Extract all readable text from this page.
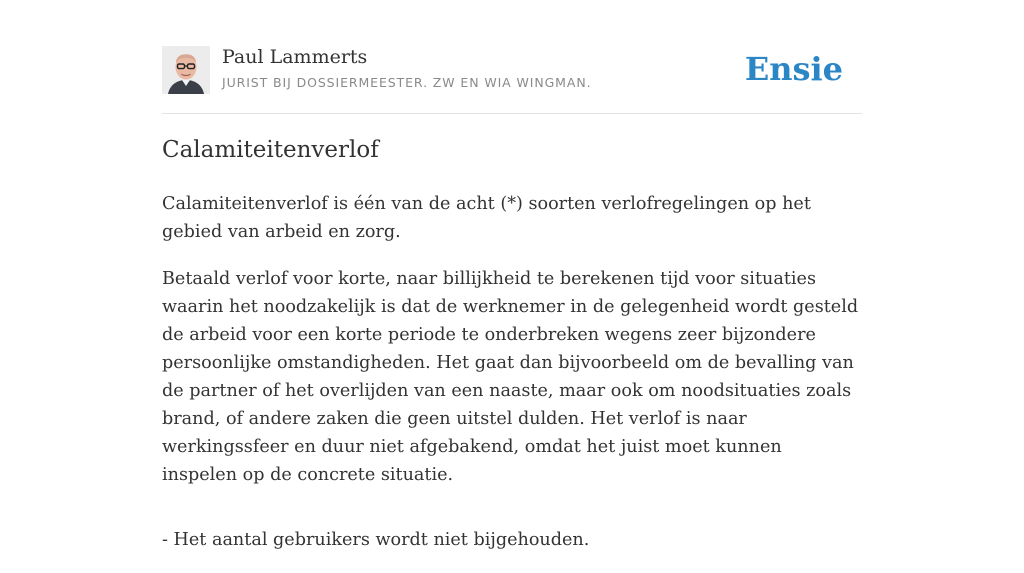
Paul Lammerts
JURIST BIJ DOSSIERMEESTER. ZW EN WIA WINGMAN.	Ensie
Calamiteitenverlof

Calamiteitenverlof is één van de acht (*) soorten verlofregelingen op het gebied van arbeid en zorg.

Betaald verlof voor korte, naar billijkheid te berekenen tijd voor situaties waarin het noodzakelijk is dat de werknemer in de gelegenheid wordt gesteld de arbeid voor een korte periode te onderbreken wegens zeer bijzondere persoonlijke omstandigheden. Het gaat dan bijvoorbeeld om de bevalling van de partner of het overlijden van een naaste, maar ook om noodsituaties zoals brand, of andere zaken die geen uitstel dulden. Het verlof is naar werkingssfeer en duur niet afgebakend, omdat het juist moet kunnen inspelen op de concrete situatie.

- Het aantal gebruikers wordt niet bijgehouden.
